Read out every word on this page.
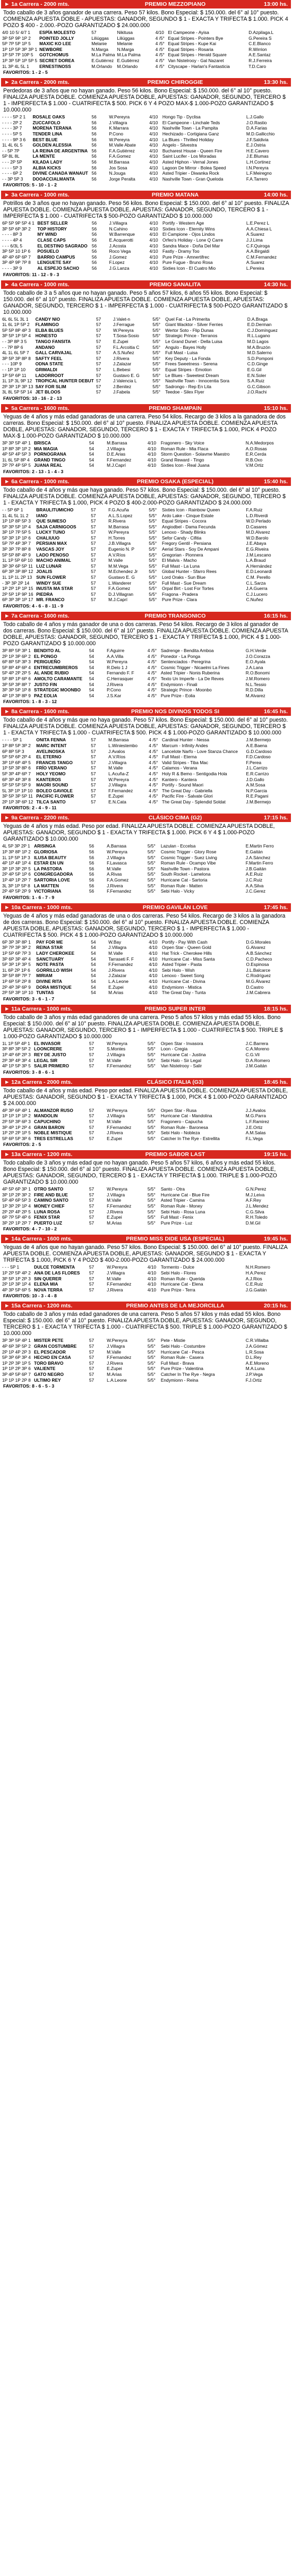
► 1a Carrera - 2000 mts.	PREMIO MEZZOPIANO	13:00 hs.
Todo caballo de 3 años ganador de una carrera. Peso 57 kilos. Bono Especial: $ 150.000. del 6° al 10° puesto. COMIENZA APUESTA DOBLE - APUESTAS: GANADOR, SEGUNDO $ 1 - EXACTA Y TRIFECTA $ 1.000. PICK 4 POZO $ 400 - 2.000.-POZO GARANTIZADO $ 24.000.000
4/0 10 5/ 4/7 1	ESPÍA MOLESTO	57	Nikitusa	4/10	El Campeone - Ayisa	D.Azpilaga.L
3P 5P 9P 1P 2	POINTED JOLLY	Liliúggas	Liliúggas	4 /5°	Equal Stripes - Pointers Bye	G.Pereira S
5P 7P 5P 1P 5	MAXIC KO LEE	Melanie	Melanie	4 /5°	Equal Stripes - Kupe Kai	C.E.Blanco
1P 1P 5P 3P 3P 1	NEWBORE	N.Marga	N.Marga	4 /5°	Equal Stripes - Rosaria	R.Wirrion
1P 5P 7P 10P 5	GOTCHOMUS	M.La Palma	M.La Palma	4 /5°	Equal Stripes - Herald Square	A.E.Santaz
1P 3P 5P 1P 5P 5	SECRET DOREA	E.Gutiérrez	E.Gutiérrez	4 /5°	Van Nistelrooy - Gal Nazaret	R.J.Ferreira
1L 3P 4L 5L 1	ERNESTINOSS	M.Orlando	M.Orlando	4 /5°	Cityscape - Harlan's Fantasticia	T.D.Caro
FAVORITOS: 1 - 2 - 5
► 2a Carrera - 2000 mts.	PREMIO CHIROGGIE	13:30 hs.
Perdedoras de 3 años que no hayan ganado. Peso 56 kilos. Bono Especial: $ 150.000. del 6° al 10° puesto. FINALIZA APUESTA DOBLE. COMIENZA APUESTA DOBLE, APUESTAS: GANADOR, SEGUNDO, TERCERO $ 1 - IMPERFECTA $ 1.000 - CUATRIFECTA $ 500. PICK 6 Y 4 POZO MAX-$ 1.000-POZO GARANTIZADO $ 10.000.000
- - - - 5P 2 1	ROSALE OAKS	56	W.Pereyra	4/10	Hongo Tip - Dyclisa	L.J.Gallo
- - - - 2P 2	ZUCCAFOLO	56	J.Villagra	4/10	El Campeone - Linchale Teds	J.O.Rastio
- - - - 3P 7	MORENA TERANA	56	K.Marrara	4/10	Nashville Town - La Pampita	D.A.Farias
- - - - 5P 5	TENDER LINA	56	P.Cono	4/10	Hechizado - Cortigiana Ganz	M.D.Gallicchio
- - - - 9P 3 6	BEST BLUE	56	W.Pereyra	4/10	La Blues - Thrilled Holiday	J.F.Saldivia
1L 4L 6L 5	GOLDEN ALESSIA	56	M.Valle Abate	4/10	Angelo - Silvestra	E.J.Ostria
- - 5P 7P	LA REINA DE ARGENTINA	56	F.A.Gutiérrez	4/10	Bucharest House - Queen Fire	H.E.Cavero
5P 8L 8L	LA MENTE	56	F.A.Gomez	4/10	Saint Lucifer - Los Moradas	J.E.Blumas
- - - 2P 5P	KILADA LADY	56	M.Barrasa	4/10	Asted Hiphon - Vernal Jones	L.H.Cortinez
- - - - 5P 3	ALBIA KICKS	56	Jos Sosa	4/10	Lagoon De Mirror - Bolea Speed	I.N.Pereyra
- - - - 6P 2	DIVINE CANADA WANAUT	56	N.Jouga	4/10	Asted Tripier - Diwanka Rock	L.F.Meiregno
- - 3P 5P 3	DOOACCIALMANTA	56	Jorge Peralta	4/10	Nashville Town - Gran Queloda	F.A.Tarrero
FAVORITOS: 5 - 10 - 1 - 2
► 3a Carrera - 1000 mts.	PREMIO MATANA	14:00 hs.
Potrillos de 3 años que no hayan ganado. Peso 56 kilos. Bono Especial: $ 150.000. del 6° al 10° puesto. FINALIZA APUESTA DOBLE. COMIENZA APUESTA DOBLE, APUESTAS: GANADOR, SEGUNDO, TERCERO $ 1 - IMPERFECTA $ 1.000 - CUATRIFECTA $ 500-POZO GARANTIZADO $ 10.000.000
6P 5P 9P 5P 4 1	BEST SELLER	56	J.Villagra	4/10	Portify - Western Age	L.E.Perez L
3P 5P 6P 3P 2	TOP HISTORY	56	N.Cahino	4/10	Sixties Icon - Eternity Wins	A.A.Chiesa L
- - - - 8P 3	MY WIND	56	W.Barrenque	4/10	El Campione - Ojos Lindos	A.Suarez
- - - - 4P 4	CLASE CAPS	56	E.Acquerotti	4/10	Orfeo's Holiday - Lone Q Carre	J.J.Lima
- - - 6/3L 5	EL DESTINO SAGRADO	56	J.Acosta	4/10	Sandra Mace - Doña Del Mar	C.F.Quiroga
3P 5P 10 1P 6	POSUELO	56	Roco Vega	4/10	Fastly - Dramy Too	A.A.Birgaldi
4P 4P 6P 6P 7	BARRIO CAMPUS	56	J.Gomez	4/10	Pure Prize - Amnertifrec	C.M.Fernandez
3P 4P 9P 7P 8	LENGUETE SAY	56	F.Lopez	4/10	Pure Fugue - Bruno Rosa	A.Suarez
- - - - 3P 9	AL ESPEJO SACHO	56	J.G.Lanza	4/10	Sixties Icon - El Cuatro Mio	L.Pereira
FAVORITOS: 11 - 12 - 9 - 3
► 4a Carrera - 1000 mts.	PREMIO SANALITA	14:30 hs.
Todo caballo de 3 a 5 años que no hayan ganado. Peso 5 años 57 kilos, 6 años 55 kilos. Bono Especial: $ 150.000. del 6° al 10° puesto. FINALIZA APUESTA DOBLE. COMIENZA APUESTA DOBLE, APUESTAS: GANADOR, SEGUNDO, TERCERO $ 1 - IMPERFECTA $ 1.000 - CUATRIFECTA $ 500-POZO GARANTIZADO $ 10.000.000
6L 6L 5L 3L 1	CANDY NIO	57	J.Valet-n	5/5°	Quel Fat - La Primerita	D.A.Braga
1L 6L 1P 5P 2	FLAMINGO	57	J.Ferrague	5/5°	Giant Wacktor - Silver Ferries	E.D.Derman
5P 5P 8P 4P 3	ELBA BLUES	57	W.Pereyra	5/5°	Wertor Soto - Flip Dunas	C.J.Domínguez
3P 5P 1P 5P 4	HONESTO	57	T.Sosa-Sosio	5/5°	Strategic Prince - Terranos	R.L.Lugano
- - 3P 8P 3 5	TANGO FANSITA	57	E.Zupei	5/5°	Le Grand Dunet - Della Luisa	M.D.Lagos
- - 7P 8P 6	ANDANO	57	F.L.Arcoitia C	5/5°	Angulo - Bayes Holly	M.A.Bruzón
4L 1L 6L 5P 7	GALL CARVAJAL	57	A.S.Nuñez	5/5°	Full Mast - Luisa	M.D.Salerno
3P 5P 3P 8P 8	SAFTY FEEL	57	J.Rivera	5/5°	Key Deputy - La Fonda	S.D.Pomponi
- - - 10P 9	ODNA STATE	57	J.Zalazar	5/5°	Frees Sweetness - Serena	C.D.Ginge
- - 1P 1P 10	GRIMALDI	57	L.Bebesi	5/5°	Equal Stripes - Emotion	E.G.Gil
1P 5P 6P 11	LADORROOT	57	Gustavo E. G	5/5°	Le Blues - Sweetest Dream	E.N.Soler
1L 1P 3L 9P 12	TROPICAL HUNTER DEBUT	57	J.Valencia L	5/5°	Nashville Town - Innocentia Sora	S.A.Ruiz
2P 3P 1P 3P 13	SAY FOR SLIM	57	J.Benitez	5/5°	Sadrongo - Rep En Lita	G.C.Gibson
3L 8L 5P 5P 14	JET BLOOS	57	J.Fabela	5/5°	Teedoe - Silex Flyer	J.O.Rachi
FAVORITOS: 10 - 16 - 2 - 13
► 5a Carrera - 1600 mts.	PREMIO SHAMPAIN	15:10 hs.
Yeguas de 4 años y más edad ganadoras de una carrera. Peso 54 kilos. Recargo de 3 kilos a la ganadora de dos carreras. Bono Especial: $ 150.000. del 6° al 10° puesto. FINALIZA APUESTA DOBLE. COMIENZA APUESTA DOBLE, APUESTAS: GANADOR, SEGUNDO, TERCERO $ 1 - EXACTA Y TRIFECTA $ 1.000, PICK 4 POZO MAX-$ 1.000-POZO GARANTIZADO $ 10.000.000
3P 3P 5P 4P 1	BRISCA	54	M.Barrasa	4/10	Fragonero - Sky Voice	N.A.Medorpos
1P 8P 3P 1P 2	MIA MAGIA	54	J.Villagra	4/10	Roman Rule - Mia Flaca	A.O.Rosas
4P 5P 4P 5P 3	PORNOGRANA	54	D.E.Arias	4/10	Storm Question - Solavme Maestro	E.R.Cerda
1L 6L 5P 8P 4	GRAND TINGO	54	F.Fernandez	4/10	Grand Reward - Tingo	R.B.Oxo
2P 7P 4P 5P 5	JUANA REAL	54	M.J.Caprí	4/10	Sixties Icon - Real Juana	V.M.Ortiz
FAVORITOS: 2 - 13 - 1 - 4 - 3
► 6a Carrera - 1000 mts.	PREMIO OSAKA (ESPECIAL)	15:40 hs.
Todo caballo de 4 años y más que haya ganado. Peso 57 kilos. Bono Especial: $ 150.000. del 6° al 10° puesto. FINALIZA APUESTA DOBLE. COMIENZA APUESTA DOBLE, APUESTAS: GANADOR, SEGUNDO, TERCERO $ 1 - EXACTA Y TRIFECTA $ 1.000, PICK 4 POZO $ 400-2.000-POZO GARANTIZADO $ 24.000.000
- - 5P 6P 1	BRAULITUMICHO	57	F.G.Acuña	5/5°	Sixties Icon - Rainbow Queen	F.A.Ruiz
1L 4L 5L 1L 2	IANO	57	A.L.S.Lopez	5/5°	Ardo Lake - Cinque Estate	L.D.Riverdi
1P 1P 8P 5P 3	QUE SUMESO	57	R.Rivera	5/5°	Equal Stripes - Cocora	W.D.Perlado
5P 3P 5P 1P 4	SAJA CARNIGOOS	57	M.Barrasa	5/5°	Angiodbel - Dama Fecunda	D.Casares
3P 1P 7P 5P 5	LUCKY TUNO	57	W.Pereyra	5/5°	Lenoxo - Shady Blinks	M.D.Alvarez
5P 3P 1P 1P 6	CHALIUUO	57	H.Torres	5/5°	Sefor Candy - Cifitia	W.D.Barolo
5P 7P 4P 3P 7	PERSIAN MAX	57	J.B.Villagra	5/5°	Fregory Gentil - Persiana	J.E.Abaya
3P 3P 7P 8P 8	VASCAS JOY	57	Eugenio N. P	5/5°	Aerial Stars - Soy De Ampani	E.G.Riveira
5P 5P 8P 4P 9	LADO PENOSO	57	A.V.Ríos	5/5°	Gregorian - Pionnera	J.M.Lescano
1L 1P 5P 6P 10	MACHO ANIMAL	57	M.Valle	5/5°	El Malvis - Macho	L.A.Braud
3P 3P 6P 5P 11	LUZ LUNAR	57	M.M.Vega	5/5°	Full Mast - La Luna	A.Hernández
6P 3P 3P 8P 12	JOALIS	57	M.Echendez Jr	5/5°	Global Hunter - Sfarro Rees	E.D.Leonardi
1L 1P 1L 2P 13	SUN FLOWER	57	Gustavo E. G	5/5°	Lord Oraks - Sun Blue	C.M. Perello
- 3P 3P 2P 14	WINDY SUE	57	L.Wanderer	5/5°	Full Mast - Sue Dream	C.L.Sarza
1P 2P 1P 1P 15	INUSTA MA STAR	57	F.A.Gomez	5/5°	Orpal Birt - Lost For Tortes	J.A.Guerra
2P 5P 1P 9P 16	PIEDRA	57	D.J.Villagran	5/5°	Fragona - Pradera	C.J.Lucero
6P 3P 3P 1P 17	MR. FRANCO	57	M.J.Caprí	5/5°	Pure Prize - Clara	C.Nuñez
FAVORITOS: 4 - 6 - 8 - 11 - 9
► 7a Carrera - 1600 mts.	PREMIO TRANSONICO	16:15 hs.
Todo caballo de 4 años y más ganador de una o dos carreras. Peso 54 kilos. Recargo de 3 kilos al ganador de dos carreras. Bono Especial: $ 150.000. del 6° al 10° puesto. FINALIZA APUESTA DOBLE. COMIENZA APUESTA DOBLE, APUESTAS: GANADOR, SEGUNDO, TERCERO $ 1 - EXACTA Y TRIFECTA $ 1.000, PICK 4 $ 1.000-POZO GARANTIZADO $ 10.000.000
3P 8P 5P 3P 1	BENDITO AL	54	F.Aguirre	4 /5°	Sadrenge - Bendita Amboa	G.H.Verde
2P 1P 3P 6P 2	EL PONGO	54	A.A.Villa	4 /5°	Ponedor - La Ponga	J.O.Corazza
6P 8P 5P 3P 3	PERIGUEÑO	54	W.Pereyra	4 /5°	Sentenciados - Peregrina	E.O.Ayala
5P 8P 4P 6P 4	ENTRECUMBREROS	54	R.Delo 1 J	4 /5°	Cosmic Trigger - Nicaelmi La Fines	J.A.Lana
5P 4P 2P 2P 5	AL ANDE RUBIO	54	Fernando F. F	4 /5°	Asted Tripier - Nonis Ruberina	R.O.Bonomi
5P 8P 1P 6P 6	AMOLTO CARAMANTE	54	C.Herrasquer	4 /5°	Texto Un Imperfe - La De Reves	J.M.Romero
3P 5P 3P 8P 7	JUSTO FIN	54	J.Rivera	4 /5°	Endymionn - Finali	N.L.Tessio
3P 3P 5P 1P 8	STRATEGIC MOONBO	54	P.Cono	4 /5°	Strategic Prince - Moonbo	R.D.Dilla
4P 1P 3P 8P 9	PAZ EOLIA	54	J.S.Kar	4 /5°	Pure Prize - Eolia	M.Alvarez
FAVORITOS: 1 - 8 - 3 - 12
► 8a Carrera - 1600 mts.	PREMIO NOS DIVINOS TODOS SI	16:45 hs.
Todo caballo de 4 años y más que no haya ganado. Peso 57 kilos. Bono Especial: $ 150.000. del 6° al 10° puesto. FINALIZA APUESTA DOBLE. COMIENZA APUESTA DOBLE, APUESTAS: GANADOR, SEGUNDO, TERCERO $ 1 - EXACTA Y TRIFECTA $ 1.000 - CUATRIFECTA $ 500. PICK 4 $ 1.000-POZO GARANTIZADO $ 10.000.000
- - - - 5P 1	ONITA FENNA	57	M.Barrasa	4 /5°	Cardinal Hunter - Nessa	J.M.Bermejo
1P 8P 5P 3P 2	MARC INTENT	57	L.Winiestembo	4 /5°	Marcum - Infinity Andes	A.E.Baena
6P 8P 5P 3	AVELINOSKA	57	J.Avalos	4 /5°	Lancelote Narfo - Love Stanza Chance	G.D.Cardoso
5P 5P 6P 2P 4	EL ETERNO	57	A.V.Ríos	4 /5°	Full Mast - Eterna	F.D.Cardoso
3P 1P 6P 4P 5	FRANCIS TANGO	57	J.Villagra	4 /5°	Valid Stripes - Tiba Mac	F.Perea
1P 5P 3P 8P 6	FRÍO VERANO	57	M.Valle	4 /5°	Calamos - Verana	J.L.Carrizo
5P 3P 4P 6P 7	HOLY YEOMO	57	L.Acuña-Z	4 /5°	Holy R & Bemo - Sentigodia Hola	E.R.Carrizo
6P 3P 4P 3P 8	KANTEROS	57	W.Pereyra	4 /5°	Kantero - Kantera	J.D.Gallo
5P 5P 5P 5P 9	MAORI SOUND	57	J.Villagra	4 /5°	Portify - Sound Maori	A.M.Sosa
5L 3P 1P 1P 10	BOLEO GAVIOLE	57	F.Fernandez	4 /5°	The Great Day - Gabriella	N.P.Garcia
3P 5P 3P 5P 11	PACIFIC FLOWER	57	E.Zupei	4 /5°	Pacific Fire - Salvate Glori	R.E.Pagani
2P 1P 3P 6P 12	TILCA SANTO	57	E.N.Cata	4 /5°	The Great Day - Splendid Soldat	J.M.Bermejo
FAVORITOS: 2 - 4 - 9 - 11
► 9a Carrera - 2200 mts.	CLÁSICO CIMA (G2)	17:15 hs.
Yeguas de 4 años y más edad. Peso por edad. FINALIZA APUESTA DOBLE. COMIENZA APUESTA DOBLE, APUESTAS: GANADOR, SEGUNDO $ 1 - EXACTA Y TRIFECTA $ 1.000. PICK 6 Y 4 $ 1.000-POZO GARANTIZADO $ 10.000.000
4L 5P 3P 2P 1	ARISINGA	56	A.Barrasa	5/5°	Lazulan - Eccelsa	E.Martin Ferro
1P 3P 8P 1P 2	GLORIOSA	56	W.Pereyra	5/5°	Cosmic Trigger - Glory Rose	E.Gaitán
1L 1P 5P 1P 3	ILUSA BEAUTY	56	J.Villagra	5/5°	Cosmic Trigger - Suez Living	J.A.Sánchez
4P 1P 4P 1P 4	ESTAR EN UN	56	F.Lavasca	5/5°	Roman Rule - Ocampo Vibe	F.Martin Ferro
3P 1P 3P 2P 5	LA PASTORA	56	M.Valle	5/5°	Nashville Town - Pastora	J.B.Gaitán
2P 4P 5P 1P 6	CONGREGADORA	56	A.Rivas	5/5°	South Rocket - Lamelona	A.E.Ruiz
1P 4P 1P 2P 7	SARTORIA LOVE	56	F.A.Gomez	5/5°	Hurricane Cat - Sartoria	J.C.Ruiz
3L 3P 1P 5P 8	LA MATTEN	56	J.Rivera	5/5°	Roman Rule - Matten	A.A.Silva
2P 4P 5P 2P 9	VICTORIANA	56	F.Fernandez	5/5°	Sebi Halo - Vicky	J.C.Gerez
FAVORITOS: 1 - 6 - 7 - 9
► 10a Carrera - 1000 mts.	PREMIO GAVILÁN LOVE	17:45 hs.
Yeguas de 4 años y más edad ganadoras de una o dos carreras. Peso 54 kilos. Recargo de 3 kilos a la ganadora de dos carreras. Bono Especial: $ 150.000. del 6° al 10° puesto. FINALIZA APUESTA DOBLE. COMIENZA APUESTA DOBLE, APUESTAS: GANADOR, SEGUNDO, TERCERO $ 1 - IMPERFECTA $ 1.000 - CUATRIFECTA $ 500. PICK 4 $ 1.000-POZO GARANTIZADO $ 10.000.000
6P 3P 3P 8P 1	PAY FOR ME	54	W.Bay	4/10	Portify - Pay With Cash	D.G.Morales
3P 7P 3P 3P 2	REINA STAR	54	J.Villagra	4/10	Orpen Star - Queen Gold	G.Alvarez
1P 5P 6P 7P 3	LADY CHEROKEE	54	M.Valle	4/10	Hat Trick - Cherokee Hills	A.B.Sánchez
3P 6P 3P 4P 4	SANCTUARY	54	Tarraseti F. F	4/10	Hurricane Cat - Miss Santa	C.D.Pacheco
5P 3P 1P 3P 5	NOTE PASTA	54	F.Fernandez	4/10	Asted Tripier - Pasta	O.Espinosa
1L 6P 2P 1P 6	GORRILLO WISH	54	J.Rivera	4/10	Sebi Halo - Wish	J.L.Balcarce
3P 5P 8P 7P 7	MIRIAM	54	J.Zalazar	4/10	Lenoxo - Sweet Song	C.Rodríguez
1P 6P 5P 2P 8	DIVINE RITA	54	L.A.Leone	4/10	Hurricane Cat - Divina	M.G.Álvarez
2P 4P 3P 6P 9	DORA MISTIQUE	54	E.Zupei	4/10	Endymionn - Mistica	D.Castro
2P 5P 3P 1P 10	TUNTAS	54	M.Arias	4/10	The Great Day - Tunta	J.M.Cabrera
FAVORITOS: 3 - 6 - 1 - 7
► 11a Carrera - 1000 mts.	PREMIO SUPER INTER	18:15 hs.
Todo caballo de 3 años y más edad ganadores de una carrera. Peso 5 años 57 kilos y más edad 55 kilos. Bono Especial: $ 150.000. del 6° al 10° puesto. FINALIZA APUESTA DOBLE. COMIENZA APUESTA DOBLE, APUESTAS: GANADOR, SEGUNDO, TERCERO $ 1 - IMPERFECTA $ 1.000 - CUATRIFECTA $ 500. TRIPLE $ 1.000-POZO GARANTIZADO $ 10.000.000
1L 1P 5P 4P 1	EL INVASOR	57	W.Pereyra	5/5°	Orpen Star - Invasora	J.C.Barrera
3P 8P 3P 5P 2	LOONCRERE	57	S.Montes	5/5°	Loon - Cregia	C.A.Moreno
1P 4P 6P 2P 3	REY DE JUSTO	57	J.Villagra	5/5°	Hurricane Cat - Justina	C.G.Vil
2P 3P 4P 3P 4	LEGAL SIR	57	M.Valle	5/5°	Sebi Halo - Sir Legal	D.A.Romero
4P 1P 5P 3P 5	SALIR PRIMERO	57	F.Fernandez	5/5°	Van Nistelrooy - Salir	J.M.Gaitán
FAVORITOS: 3 - 8 - 6 - 1
► 12a Carrera - 2000 mts.	CLÁSICO ITALIA (G3)	18:45 hs.
Todo caballo de 4 años y más edad. Peso por edad. FINALIZA APUESTA DOBLE. COMIENZA APUESTA DOBLE, APUESTAS: GANADOR, SEGUNDO $ 1 - EXACTA Y TRIFECTA $ 1.000, PICK 4 $ 1.000-POZO GARANTIZADO $ 24.000.000
4P 3P 6P 4P 1	ALMANZOR RUSO	57	W.Pereyra	5/5°	Orpen Star - Rusa	J.J.Avalos
1P 1P 1P 1P 2	MANDOLIN	57	J.Villagra	5/5°	Hurricane Cat - Mandolina	M.G.Parra
2P 5P 3P 6P 3	CAPUCHINO	57	M.Valle	5/5°	Fragonero - Capucha	L.F.Ramirez
3P 4P 1P 2P 4	GRAN BARON	57	F.Fernandez	5/5°	Roman Rule - Baronesa	J.E.Ortiz
1P 2P 2P 1P 5	NOBLE MISTIQUE	57	J.Rivera	5/5°	Sebi Halo - Nobleza	A.M.Salas
5P 6P 5P 3P 6	TRES ESTRELLAS	57	E.Zupei	5/5°	Catcher In The Rye - Estrellita	F.L.Vega
FAVORITOS: 2 - 5
► 13a Carrera - 1200 mts.	PREMIO SABOR LAST	19:15 hs.
Todo caballo de 3 años y más edad que no hayan ganado. Peso 5 años 57 kilos, 6 años y más edad 55 kilos. Bono Especial: $ 150.000. del 6° al 10° puesto. FINALIZA APUESTA DOBLE. COMIENZA APUESTA DOBLE, APUESTAS: GANADOR, SEGUNDO, TERCERO $ 1 - EXACTA Y TRIFECTA $ 1.000. TRIPLE $ 1.000-POZO GARANTIZADO $ 10.000.000
4P 5P 6P 3P 1	OTRO SANTO	57	W.Pereyra	5/5°	Santo - Otra	G.N.Perez
3P 1P 2P 3P 2	FIRE AND BLUE	57	J.Villagra	5/5°	Hurricane Cat - Blue Fire	M.J.Leiva
5P 4P 6P 5P 3	CAMINO SANTO	57	M.Valle	5/5°	Asted Tripier - Camina	A.F.Rey
1P 3P 2P 1P 4	MONEY CHIEF	57	F.Fernandez	5/5°	Roman Rule - Money	J.L.Mendez
2P 2P 4P 2P 5	LUNA ROSA	57	J.Rivera	5/5°	Sebi Halo - Rosa Luna	C.G.Silva
6P 7P 5P 4P 6	FENIX STAR	57	E.Zupei	5/5°	Full Mast - Fenix	R.H.Toledo
3P 2P 1P 2P 7	PUERTO LUZ	57	M.Arias	5/5°	Pure Prize - Luz	D.M.Gil
FAVORITOS: 4 - 7 - 10 - 2
► 14a Carrera - 1600 mts.	PREMIO MISS DIDE USA (ESPECIAL)	19:45 hs.
Yeguas de 4 años que no hayan ganado. Peso 57 kilos. Bono Especial: $ 150.000. del 6° al 10° puesto. FINALIZA APUESTA DOBLE. COMIENZA APUESTA DOBLE, APUESTAS: GANADOR, SEGUNDO $ 1 - EXACTA Y TRIFECTA $ 1.000, PICK 6 Y 4 POZO $ 400-2.000-POZO GARANTIZADO $ 24.000.000
- - - 5P 1	DULCE TORMENTA	57	W.Pereyra	4/10	Tormento - Dulce	N.H.Romero
1P 2P 5P 4P 2	ANA DE LAS FLORES	57	J.Villagra	4/10	Sebi Halo - Flores	H.A.Perez
3P 5P 1P 2P 3	SIN QUERER	57	M.Valle	4/10	Roman Rule - Querida	A.J.Rios
2P 1P 3P 1P 4	ELENA MIA	57	F.Fernandez	4/10	Hurricane Cat - Elena	C.E.Ruiz
4P 3P 5P 6P 5	NOVA TERRA	57	J.Rivera	4/10	Pure Prize - Terra	J.G.Gaitán
FAVORITOS: 10 - 3 - 4 - 8
► 15a Carrera - 1200 mts.	PREMIO ANTES DE LA MEJORCILLA	20:15 hs.
Todo caballo de 3 años y más edad ganadores de una carrera. Peso 5 años 57 kilos y más edad 55 kilos. Bono Especial: $ 150.000. del 6° al 10° puesto. FINALIZA APUESTA DOBLE, APUESTAS: GANADOR, SEGUNDO, TERCERO $ 1 - EXACTA Y TRIFECTA $ 1.000 - CUATRIFECTA $ 500. TRIPLE $ 1.000-POZO GARANTIZADO $ 10.000.000
3P 3P 5P 4P 1	MISTER PETE	57	W.Pereyra	5/5°	Pete - Mistie	C.R.Villalba
4P 6P 3P 5P 2	GRAN COSTUMBRE	57	J.Villagra	5/5°	Sebi Halo - Costumbre	J.A.Gómez
2P 1P 4P 2P 3	EL PESCADOR	57	M.Valle	5/5°	Hurricane Cat - Pesca	L.R.Sosa
5P 3P 6P 3P 4	HECHO EN CASA	57	F.Fernandez	5/5°	Roman Rule - Casera	D.L.Rey
1P 2P 3P 1P 5	TORO BRAVO	57	J.Rivera	5/5°	Full Mast - Brava	A.E.Moreno
1P 1P 2P 3P 6	VALIENTE	57	E.Zupei	5/5°	Pure Prize - Valentina	M.A.Luna
3P 4P 5P 6P 7	GATO NEGRO	57	M.Arias	5/5°	Catcher In The Rye - Negra	J.P.Vega
1P 1P 1P 2P 8	ULTIMO REY	57	L.A.Leone	5/5°	Endymionn - Reina	F.J.Ortiz
FAVORITOS: 8 - 6 - 5 - 3
